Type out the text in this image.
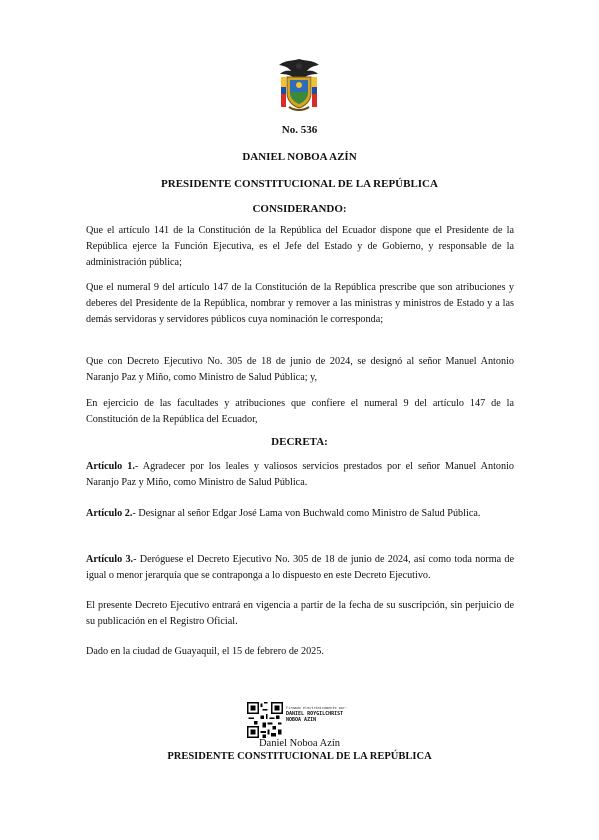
No. 536
DANIEL NOBOA AZÍN
PRESIDENTE CONSTITUCIONAL DE LA REPÚBLICA
CONSIDERANDO:
Que el artículo 141 de la Constitución de la República del Ecuador dispone que el Presidente de la República ejerce la Función Ejecutiva, es el Jefe del Estado y de Gobierno, y responsable de la administración pública;
Que el numeral 9 del artículo 147 de la Constitución de la República prescribe que son atribuciones y deberes del Presidente de la República, nombrar y remover a las ministras y ministros de Estado y a las demás servidoras y servidores públicos cuya nominación le corresponda;
Que con Decreto Ejecutivo No. 305 de 18 de junio de 2024, se designó al señor Manuel Antonio Naranjo Paz y Miño, como Ministro de Salud Pública; y,
En ejercicio de las facultades y atribuciones que confiere el numeral 9 del artículo 147 de la Constitución de la República del Ecuador,
DECRETA:
Artículo 1.- Agradecer por los leales y valiosos servicios prestados por el señor Manuel Antonio Naranjo Paz y Miño, como Ministro de Salud Pública.
Artículo 2.- Designar al señor Edgar José Lama von Buchwald como Ministro de Salud Pública.
Artículo 3.- Deróguese el Decreto Ejecutivo No. 305 de 18 de junio de 2024, así como toda norma de igual o menor jerarquía que se contraponga a lo dispuesto en este Decreto Ejecutivo.
El presente Decreto Ejecutivo entrará en vigencia a partir de la fecha de su suscripción, sin perjuicio de su publicación en el Registro Oficial.
Dado en la ciudad de Guayaquil, el 15 de febrero de 2025.
Firmado electrónicamente por:
DANIEL ROYGILCHRIST
NOBOA AZIN
Daniel Noboa Azín
PRESIDENTE CONSTITUCIONAL DE LA REPÚBLICA
